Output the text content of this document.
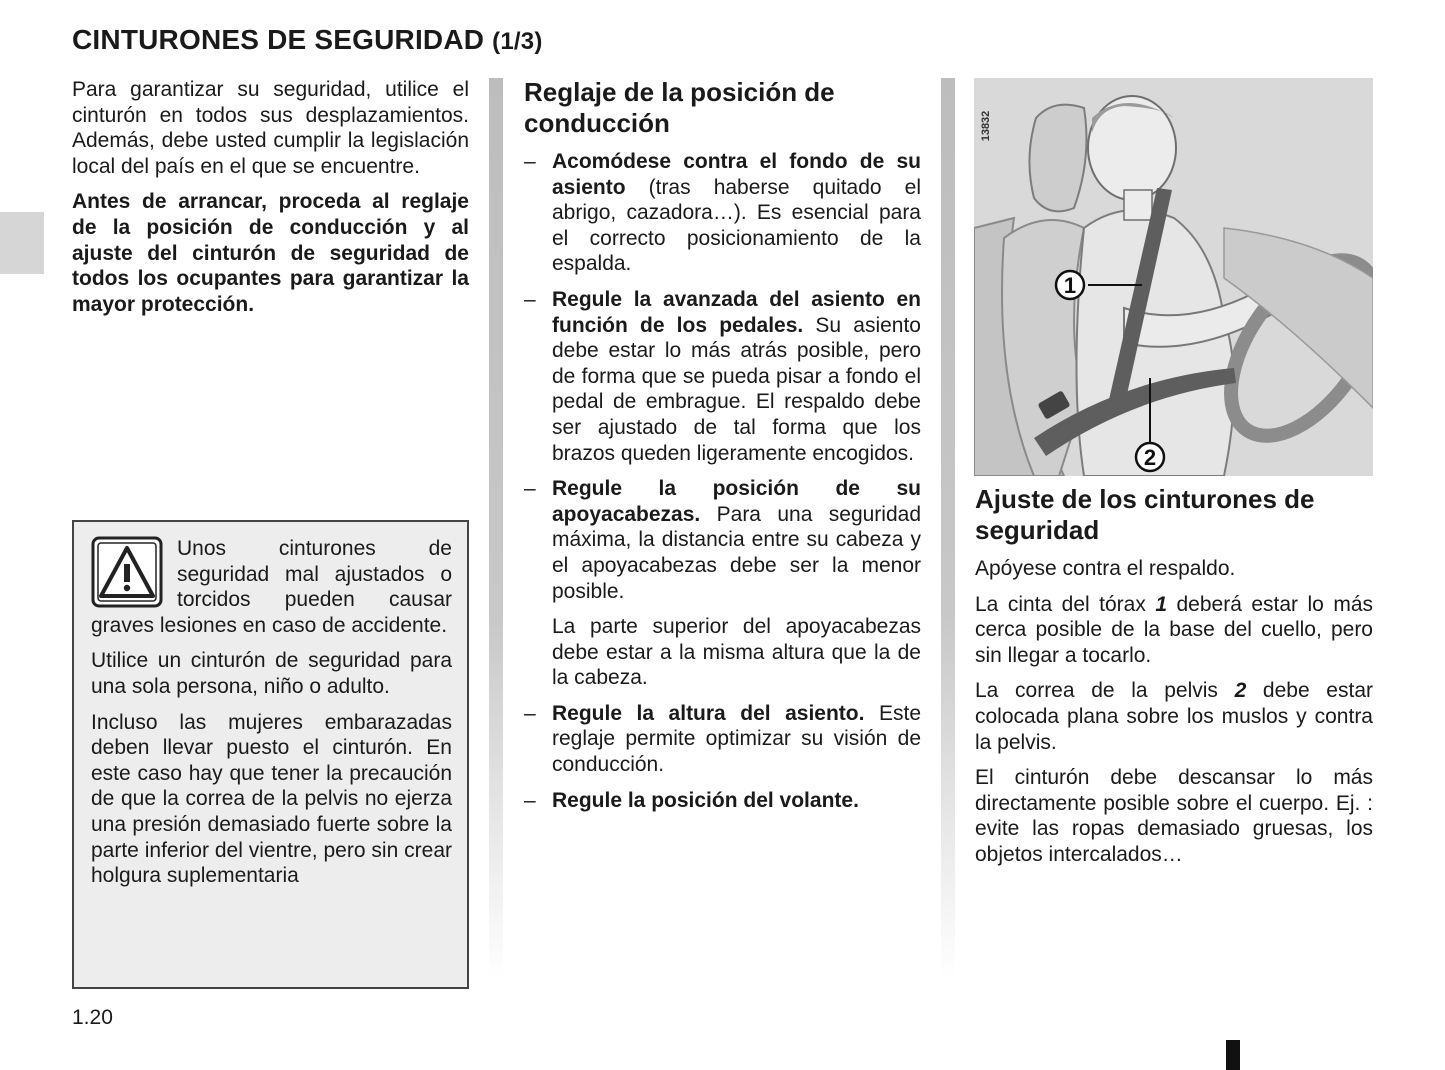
CINTURONES DE SEGURIDAD (1/3)

Para garantizar su seguridad, utilice el cinturón en todos sus desplazamientos. Además, debe usted cumplir la legislación local del país en el que se encuentre.

Antes de arrancar, proceda al reglaje de la posición de conducción y al ajuste del cinturón de seguridad de todos los ocupantes para garantizar la mayor protección.

Unos cinturones de seguridad mal ajustados o torcidos pueden causar graves lesiones en caso de accidente.

Utilice un cinturón de seguridad para una sola persona, niño o adulto.

Incluso las mujeres embarazadas deben llevar puesto el cinturón. En este caso hay que tener la precaución de que la correa de la pelvis no ejerza una presión demasiado fuerte sobre la parte inferior del vientre, pero sin crear holgura suplementaria

Reglaje de la posición de conducción
– Acomódese contra el fondo de su asiento (tras haberse quitado el abrigo, cazadora…). Es esencial para el correcto posicionamiento de la espalda.
– Regule la avanzada del asiento en función de los pedales. Su asiento debe estar lo más atrás posible, pero de forma que se pueda pisar a fondo el pedal de embrague. El respaldo debe ser ajustado de tal forma que los brazos queden ligeramente encogidos.
– Regule la posición de su apoyacabezas. Para una seguridad máxima, la distancia entre su cabeza y el apoyacabezas debe ser la menor posible.

La parte superior del apoyacabezas debe estar a la misma altura que la de la cabeza.

– Regule la altura del asiento. Este reglaje permite optimizar su visión de conducción.
– Regule la posición del volante.
1
2
13832
Ajuste de los cinturones de seguridad

Apóyese contra el respaldo.

La cinta del tórax 1 deberá estar lo más cerca posible de la base del cuello, pero sin llegar a tocarlo.

La correa de la pelvis 2 debe estar colocada plana sobre los muslos y contra la pelvis.

El cinturón debe descansar lo más directamente posible sobre el cuerpo. Ej. : evite las ropas demasiado gruesas, los objetos intercalados…

1.20
